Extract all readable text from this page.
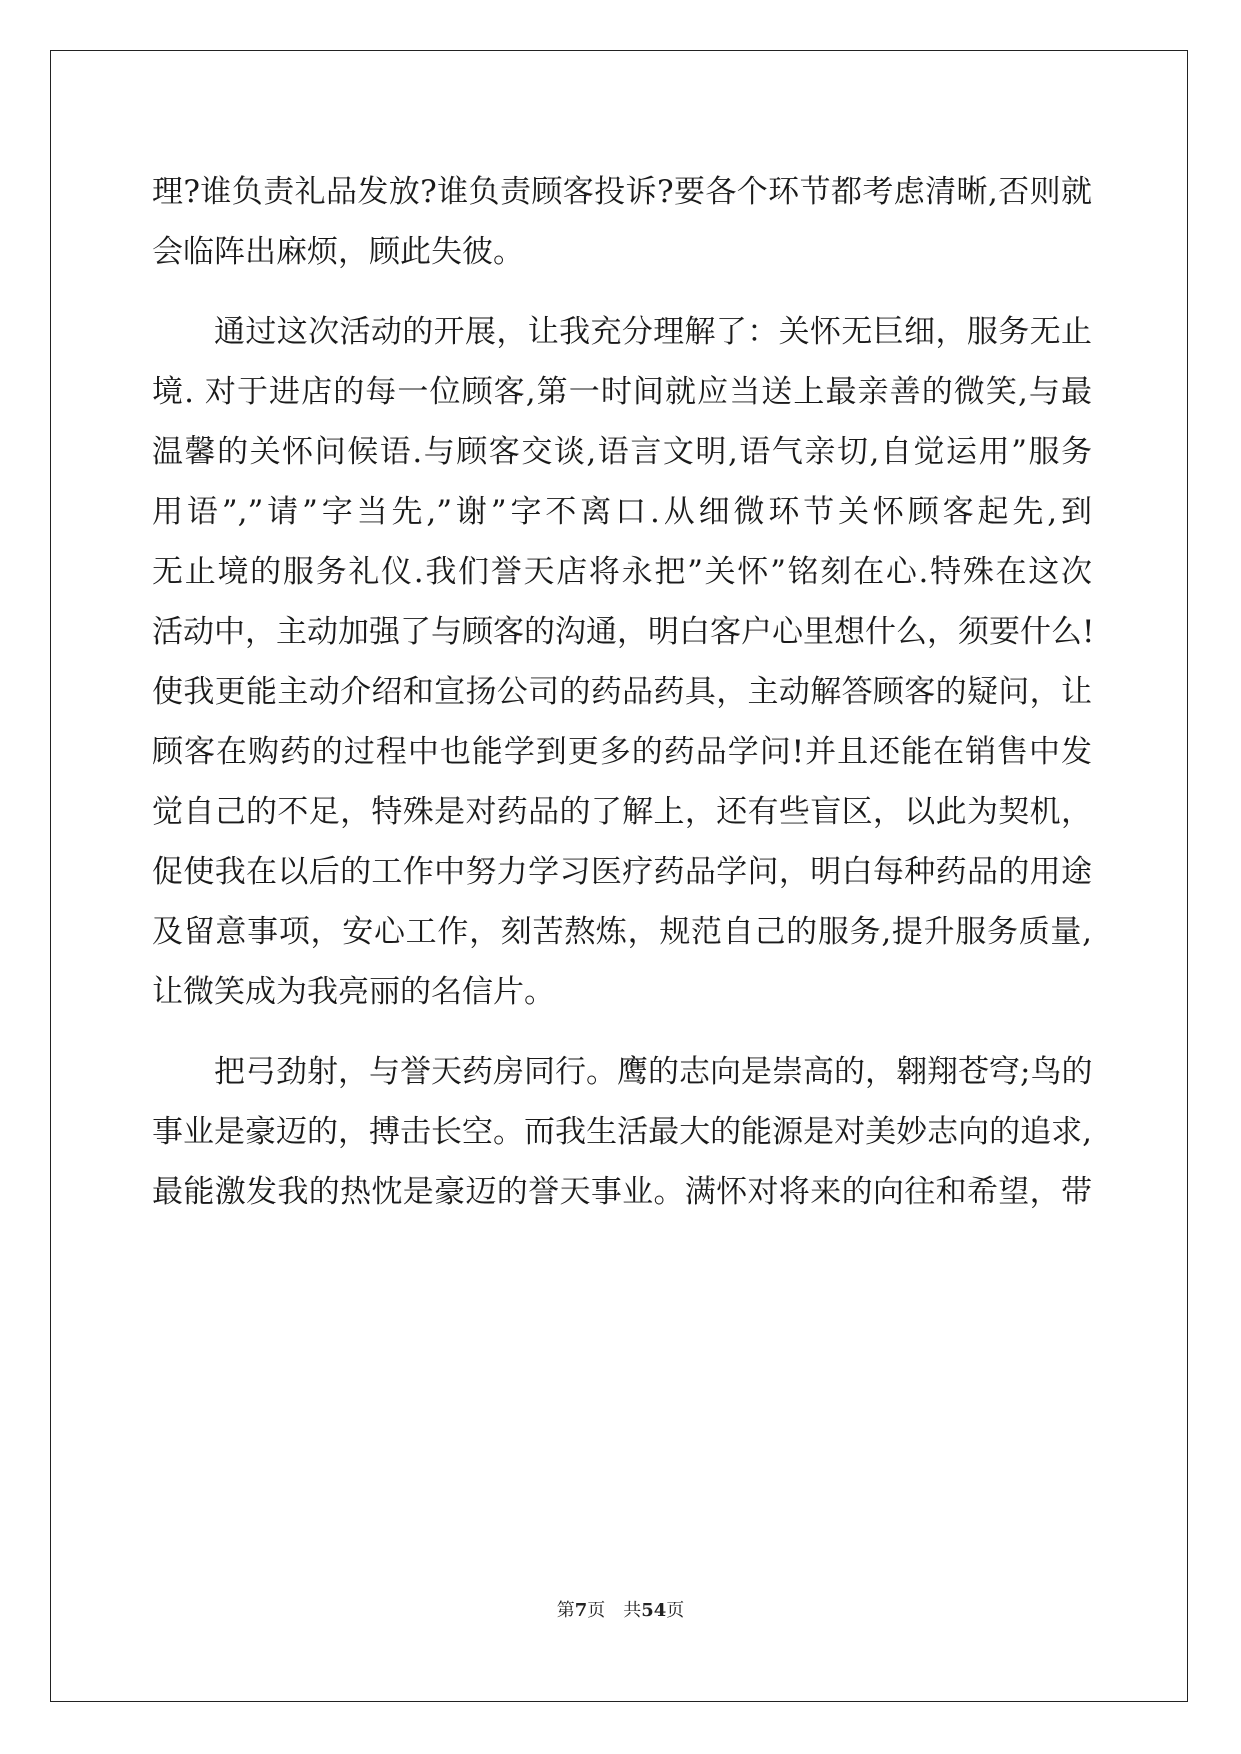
理?谁负责礼品发放?谁负责顾客投诉?要各个环节都考虑清晰,否则就
会临阵出麻烦，顾此失彼。
通过这次活动的开展，让我充分理解了：关怀无巨细，服务无止
境. 对于进店的每一位顾客,第一时间就应当送上最亲善的微笑,与最
温馨的关怀问候语.与顾客交谈,语言文明,语气亲切,自觉运用”服务
用语”,”请”字当先,”谢”字不离口.从细微环节关怀顾客起先,到
无止境的服务礼仪.我们誉天店将永把”关怀”铭刻在心.特殊在这次
活动中，主动加强了与顾客的沟通，明白客户心里想什么，须要什么!
使我更能主动介绍和宣扬公司的药品药具，主动解答顾客的疑问，让
顾客在购药的过程中也能学到更多的药品学问!并且还能在销售中发
觉自己的不足，特殊是对药品的了解上，还有些盲区，以此为契机，
促使我在以后的工作中努力学习医疗药品学问，明白每种药品的用途
及留意事项，安心工作，刻苦熬炼，规范自己的服务,提升服务质量,
让微笑成为我亮丽的名信片。
把弓劲射，与誉天药房同行。鹰的志向是崇高的，翱翔苍穹;鸟的
事业是豪迈的，搏击长空。而我生活最大的能源是对美妙志向的追求,
最能激发我的热忱是豪迈的誉天事业。满怀对将来的向往和希望，带
第7页　共54页
